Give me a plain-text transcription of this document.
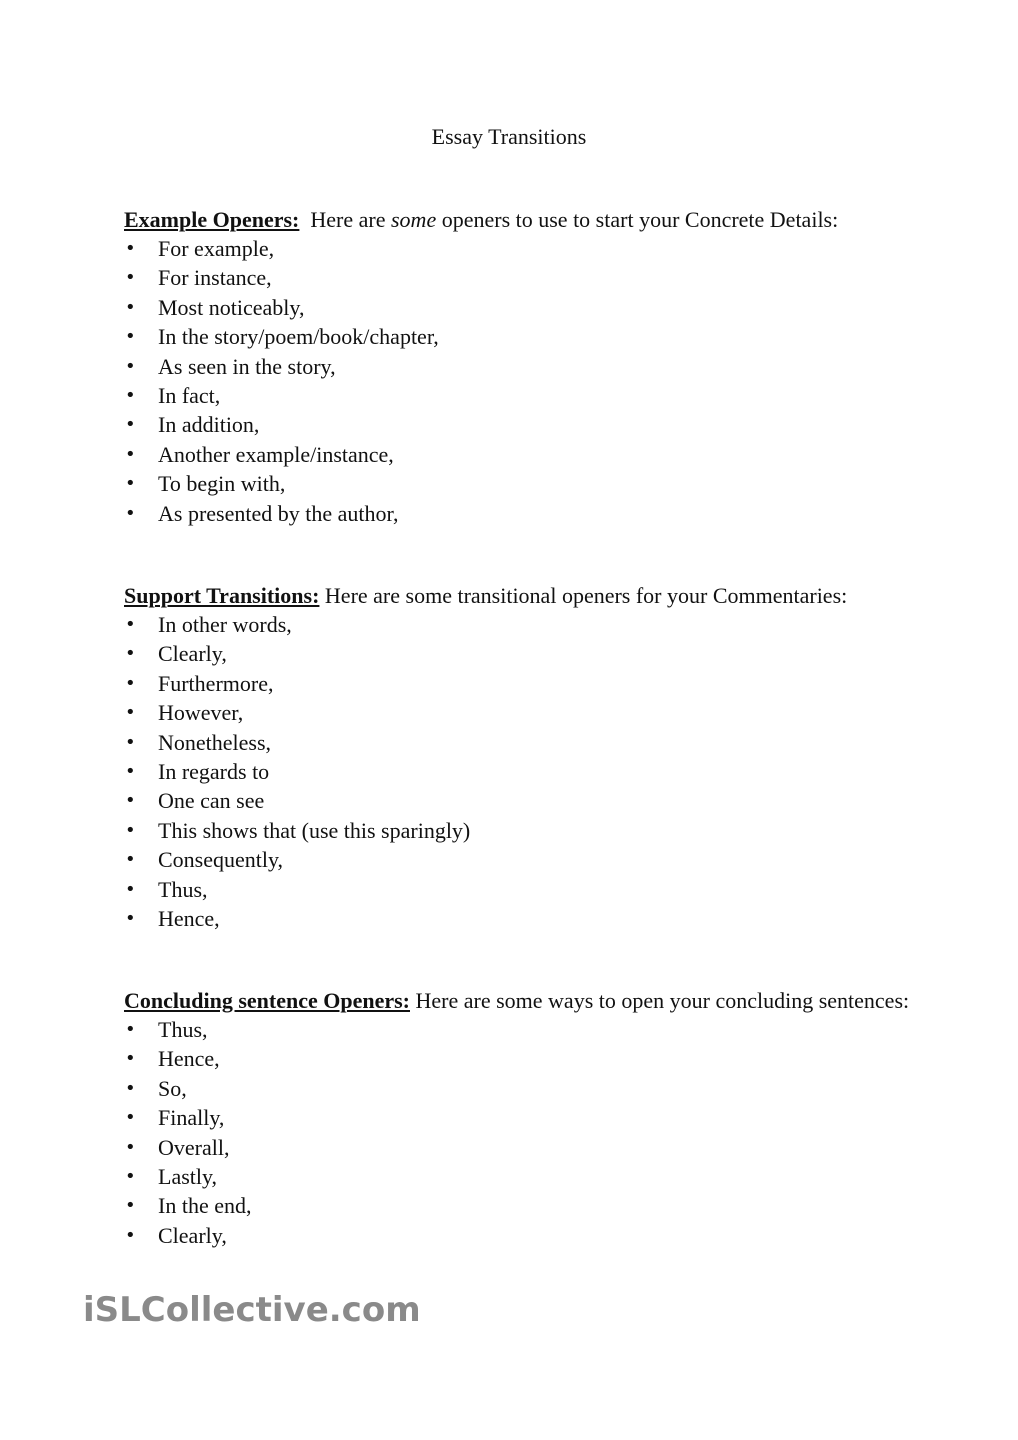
Essay Transitions

Example Openers:  Here are some openers to use to start your Concrete Details:

• For example,
• For instance,
• Most noticeably,
• In the story/poem/book/chapter,
• As seen in the story,
• In fact,
• In addition,
• Another example/instance,
• To begin with,
• As presented by the author,

Support Transitions: Here are some transitional openers for your Commentaries:

• In other words,
• Clearly,
• Furthermore,
• However,
• Nonetheless,
• In regards to
• One can see
• This shows that (use this sparingly)
• Consequently,
• Thus,
• Hence,

Concluding sentence Openers: Here are some ways to open your concluding sentences:

• Thus,
• Hence,
• So,
• Finally,
• Overall,
• Lastly,
• In the end,
• Clearly,
iSLCollective.com
